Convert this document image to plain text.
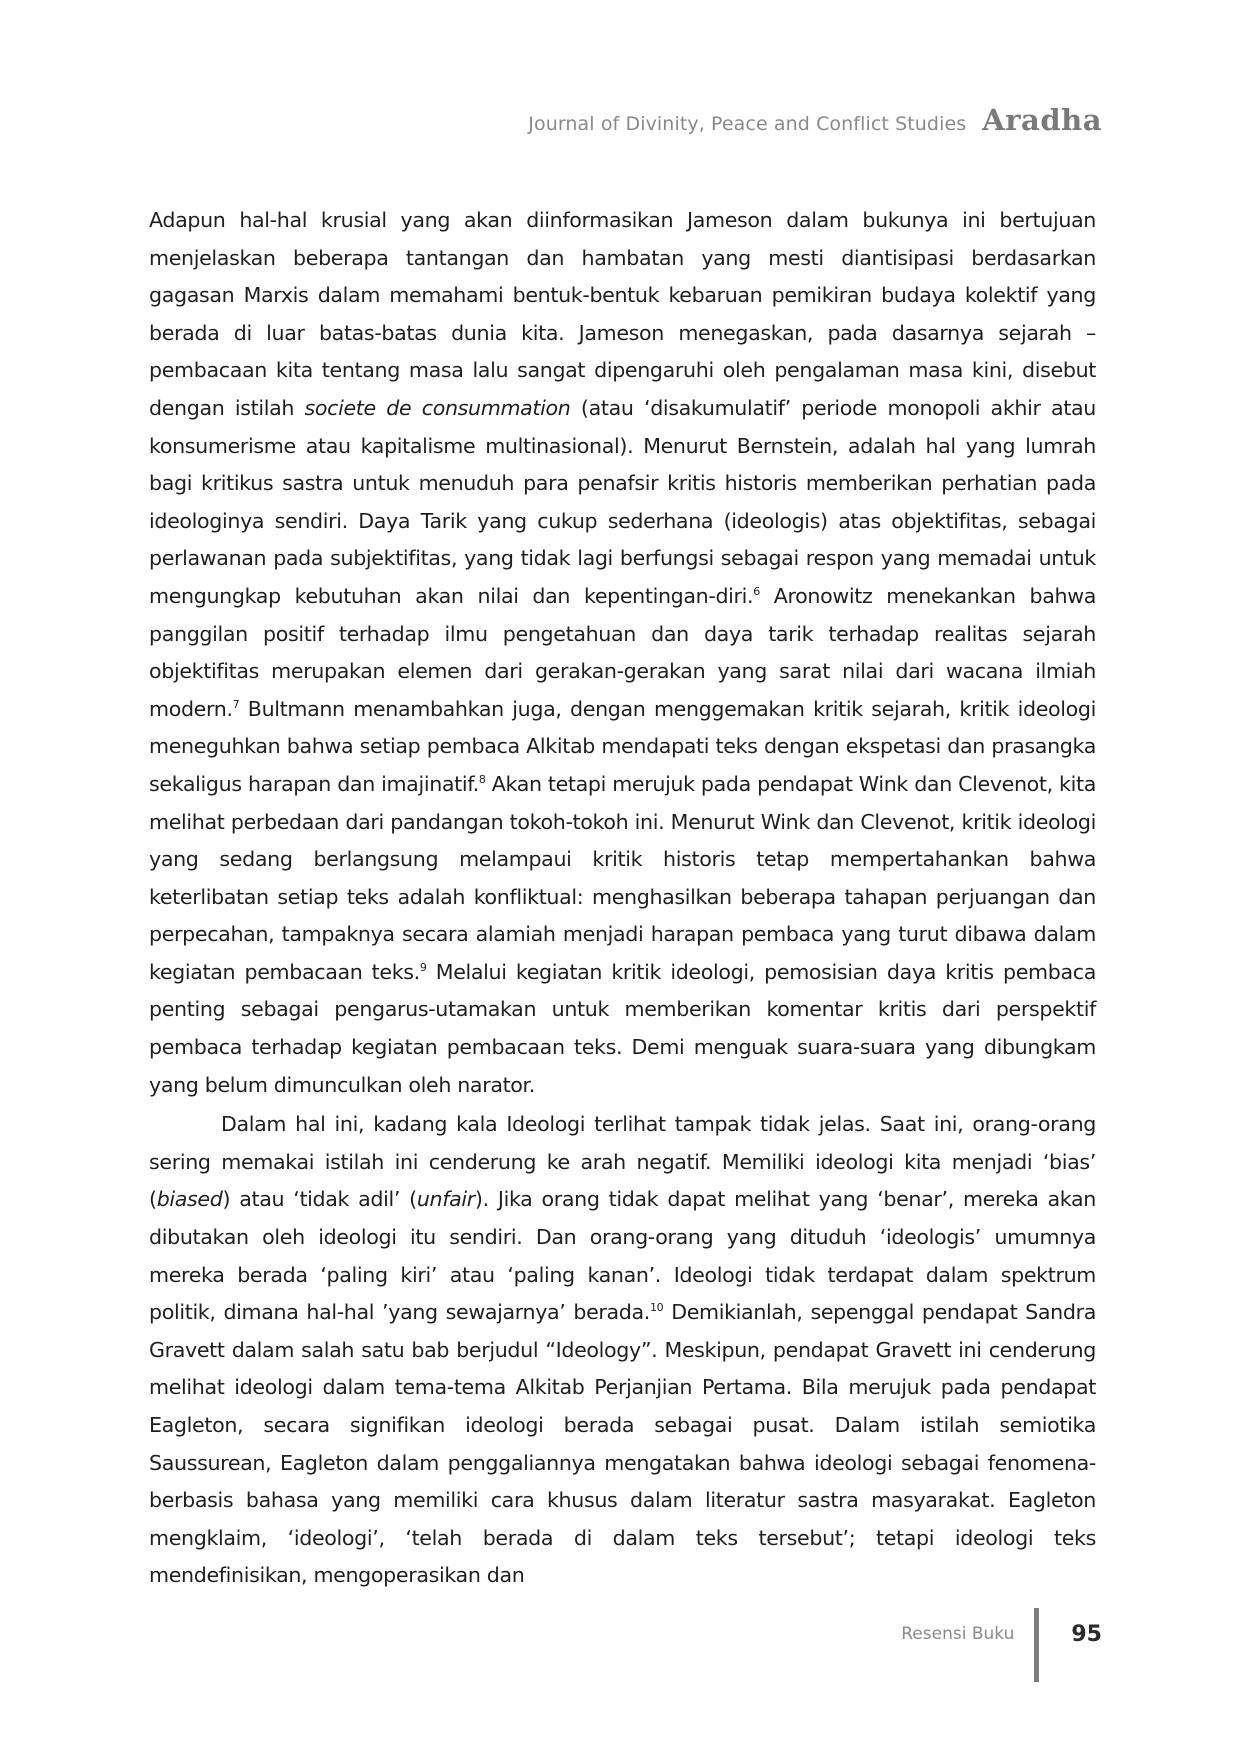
Journal of Divinity, Peace and Conflict Studies Aradha

Adapun hal-hal krusial yang akan diinformasikan Jameson dalam bukunya ini bertujuan menjelaskan beberapa tantangan dan hambatan yang mesti diantisipasi berdasarkan gagasan Marxis dalam memahami bentuk-bentuk kebaruan pemikiran budaya kolektif yang berada di luar batas-batas dunia kita. Jameson menegaskan, pada dasarnya sejarah – pembacaan kita tentang masa lalu sangat dipengaruhi oleh pengalaman masa kini, disebut dengan istilah societe de consummation (atau ‘disakumulatif’ periode monopoli akhir atau konsumerisme atau kapitalisme multinasional). Menurut Bernstein, adalah hal yang lumrah bagi kritikus sastra untuk menuduh para penafsir kritis historis memberikan perhatian pada ideologinya sendiri. Daya Tarik yang cukup sederhana (ideologis) atas objektifitas, sebagai perlawanan pada subjektifitas, yang tidak lagi berfungsi sebagai respon yang memadai untuk mengungkap kebutuhan akan nilai dan kepentingan-diri.$^6$ Aronowitz menekankan bahwa panggilan positif terhadap ilmu pengetahuan dan daya tarik terhadap realitas sejarah objektifitas merupakan elemen dari gerakan-gerakan yang sarat nilai dari wacana ilmiah modern.$^7$ Bultmann menambahkan juga, dengan menggemakan kritik sejarah, kritik ideologi meneguhkan bahwa setiap pembaca Alkitab mendapati teks dengan ekspetasi dan prasangka sekaligus harapan dan imajinatif.$^8$ Akan tetapi merujuk pada pendapat Wink dan Clevenot, kita melihat perbedaan dari pandangan tokoh-tokoh ini. Menurut Wink dan Clevenot, kritik ideologi yang sedang berlangsung melampaui kritik historis tetap mempertahankan bahwa keterlibatan setiap teks adalah konfliktual: menghasilkan beberapa tahapan perjuangan dan perpecahan, tampaknya secara alamiah menjadi harapan pembaca yang turut dibawa dalam kegiatan pembacaan teks.$^9$ Melalui kegiatan kritik ideologi, pemosisian daya kritis pembaca penting sebagai pengarus-utamakan untuk memberikan komentar kritis dari perspektif pembaca terhadap kegiatan pembacaan teks. Demi menguak suara-suara yang dibungkam yang belum dimunculkan oleh narator.

Dalam hal ini, kadang kala Ideologi terlihat tampak tidak jelas. Saat ini, orang-orang sering memakai istilah ini cenderung ke arah negatif. Memiliki ideologi kita menjadi ‘bias’ (biased) atau ‘tidak adil’ (unfair). Jika orang tidak dapat melihat yang ‘benar’, mereka akan dibutakan oleh ideologi itu sendiri. Dan orang-orang yang dituduh ‘ideologis’ umumnya mereka berada ‘paling kiri’ atau ‘paling kanan’. Ideologi tidak terdapat dalam spektrum politik, dimana hal-hal ’yang sewajarnya’ berada.$^{10}$ Demikianlah, sepenggal pendapat Sandra Gravett dalam salah satu bab berjudul “Ideology”. Meskipun, pendapat Gravett ini cenderung melihat ideologi dalam tema-tema Alkitab Perjanjian Pertama. Bila merujuk pada pendapat Eagleton, secara signifikan ideologi berada sebagai pusat. Dalam istilah semiotika Saussurean, Eagleton dalam penggaliannya mengatakan bahwa ideologi sebagai fenomena-berbasis bahasa yang memiliki cara khusus dalam literatur sastra masyarakat. Eagleton mengklaim, ‘ideologi’, ‘telah berada di dalam teks tersebut’; tetapi ideologi teks mendefinisikan, mengoperasikan dan

Resensi Buku	95
